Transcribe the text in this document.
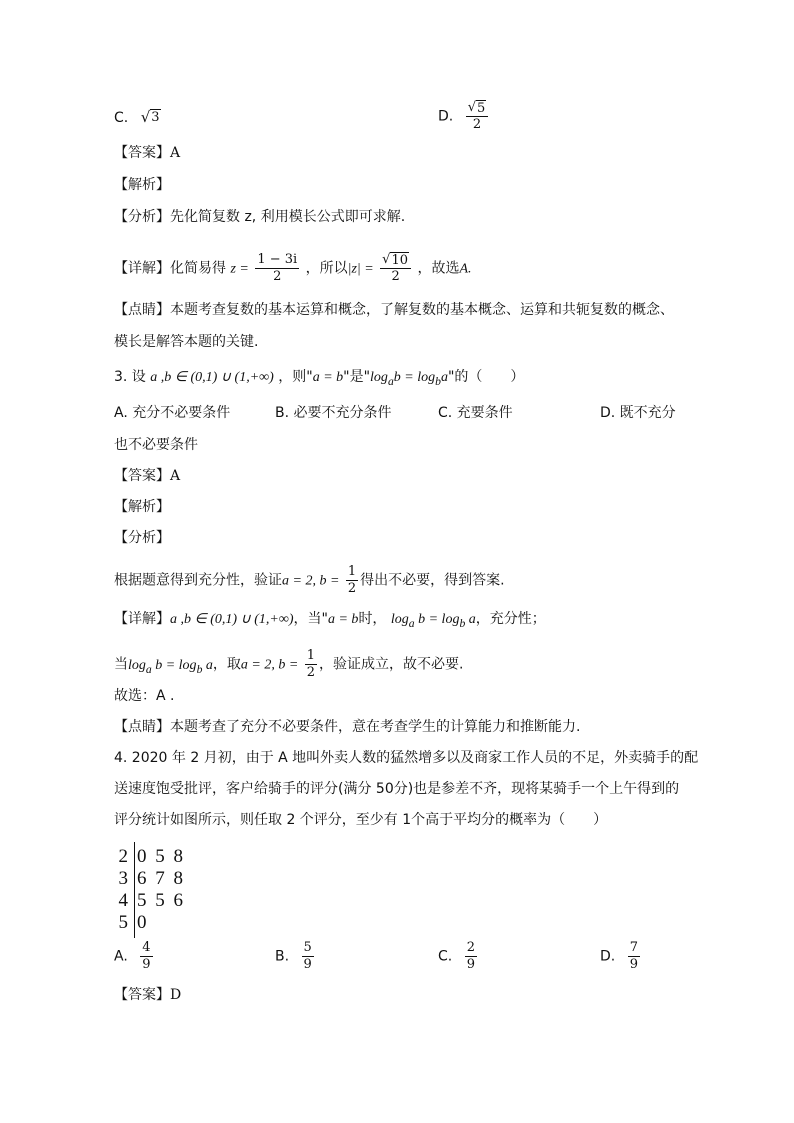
C. √ 3	D. $\frac{√ 5}{2}$
【答案】A
【解析】
【分析】先化简复数 z, 利用模长公式即可求解.
【详解】化简易得 $z = \frac{1 - 3i}{2}$ ，所以$|z| = \frac{√ 10}{2}$ ，故选A.
【点睛】本题考查复数的基本运算和概念，了解复数的基本概念、运算和共轭复数的概念、
模长是解答本题的关键.
3. 设 a ,b ∈ (0,1) ∪ (1,+∞) ，则"a = b"是"$\log_ab = \log_ba$"的（　　）
A. 充分不必要条件	B. 必要不充分条件	C. 充要条件	D. 既不充分
也不必要条件
【答案】A
【解析】
【分析】
根据题意得到充分性，验证a = 2, $b = \frac{1}{2}$ 得出不必要，得到答案.
【详解】a ,b ∈ (0,1) ∪ (1,+∞)，当"a = b时， $\log_a b = \log_b a$，充分性；
当$\log_a b = \log_b a$，取a = 2, $b = \frac{1}{2}$ ，验证成立，故不必要.
故选：A .
【点睛】本题考查了充分不必要条件，意在考查学生的计算能力和推断能力.
4. 2020 年 2 月初，由于 A 地叫外卖人数的猛然增多以及商家工作人员的不足，外卖骑手的配
送速度饱受批评，客户给骑手的评分(满分 50分)也是参差不齐，现将某骑手一个上午得到的
评分统计如图所示，则任取 2 个评分，至少有 1个高于平均分的概率为（　　）
2 0 5 8
3 6 7 8
4 5 5 6
5 0
A. $\frac{4}{9}$	B. $\frac{5}{9}$	C. $\frac{2}{9}$	D. $\frac{7}{9}$
【答案】D
